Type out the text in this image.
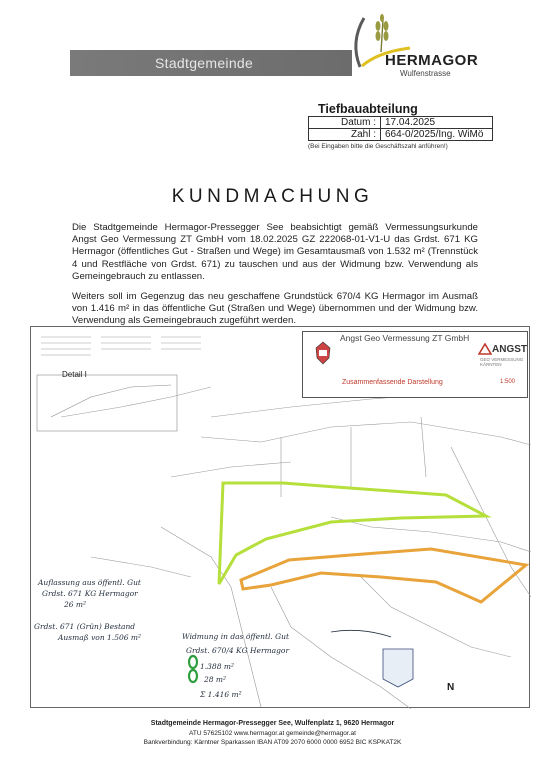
Stadtgemeinde	HERMAGOR
Wulfenstrasse
Tiefbauabteilung
Datum :	17.04.2025
Zahl :	664-0/2025/Ing. WiMö
(Bei Eingaben bitte die Geschäftszahl anführen!)
KUNDMACHUNG

Die Stadtgemeinde Hermagor-Pressegger See beabsichtigt gemäß Vermessungsurkunde Angst Geo Vermessung ZT GmbH vom 18.02.2025 GZ 222068-01-V1-U das Grdst. 671 KG Hermagor (öffentliches Gut - Straßen und Wege) im Gesamtausmaß von 1.532 m² (Trennstück 4 und Restfläche von Grdst. 671) zu tauschen und aus der Widmung bzw. Verwendung als Gemeingebrauch zu entlassen.

Weiters soll im Gegenzug das neu geschaffene Grundstück 670/4 KG Hermagor im Ausmaß von 1.416 m² in das öffentliche Gut (Straßen und Wege) übernommen und der Widmung bzw. Verwendung als Gemeingebrauch zugeführt werden.

Detail I
Angst Geo Vermessung ZT GmbH
ANGST
GEO VERMESSUNG KÄRNTEN
Zusammenfassende Darstellung	1:500
Auflassung aus öffentl. Gut
Grdst. 671 KG Hermagor
26 m²
Grdst. 671 (Grün) Bestand
Ausmaß von 1.506 m²	Widmung in das öffentl. Gut
Grdst. 670/4 KG Hermagor
1.388 m²
28 m²
Σ 1.416 m²
N
Stadtgemeinde Hermagor-Pressegger See, Wulfenplatz 1, 9620 Hermagor
ATU 57625102 www.hermagor.at gemeinde@hermagor.at
Bankverbindung: Kärntner Sparkassen IBAN AT09 2070 6000 0000 6952 BIC KSPKAT2K
